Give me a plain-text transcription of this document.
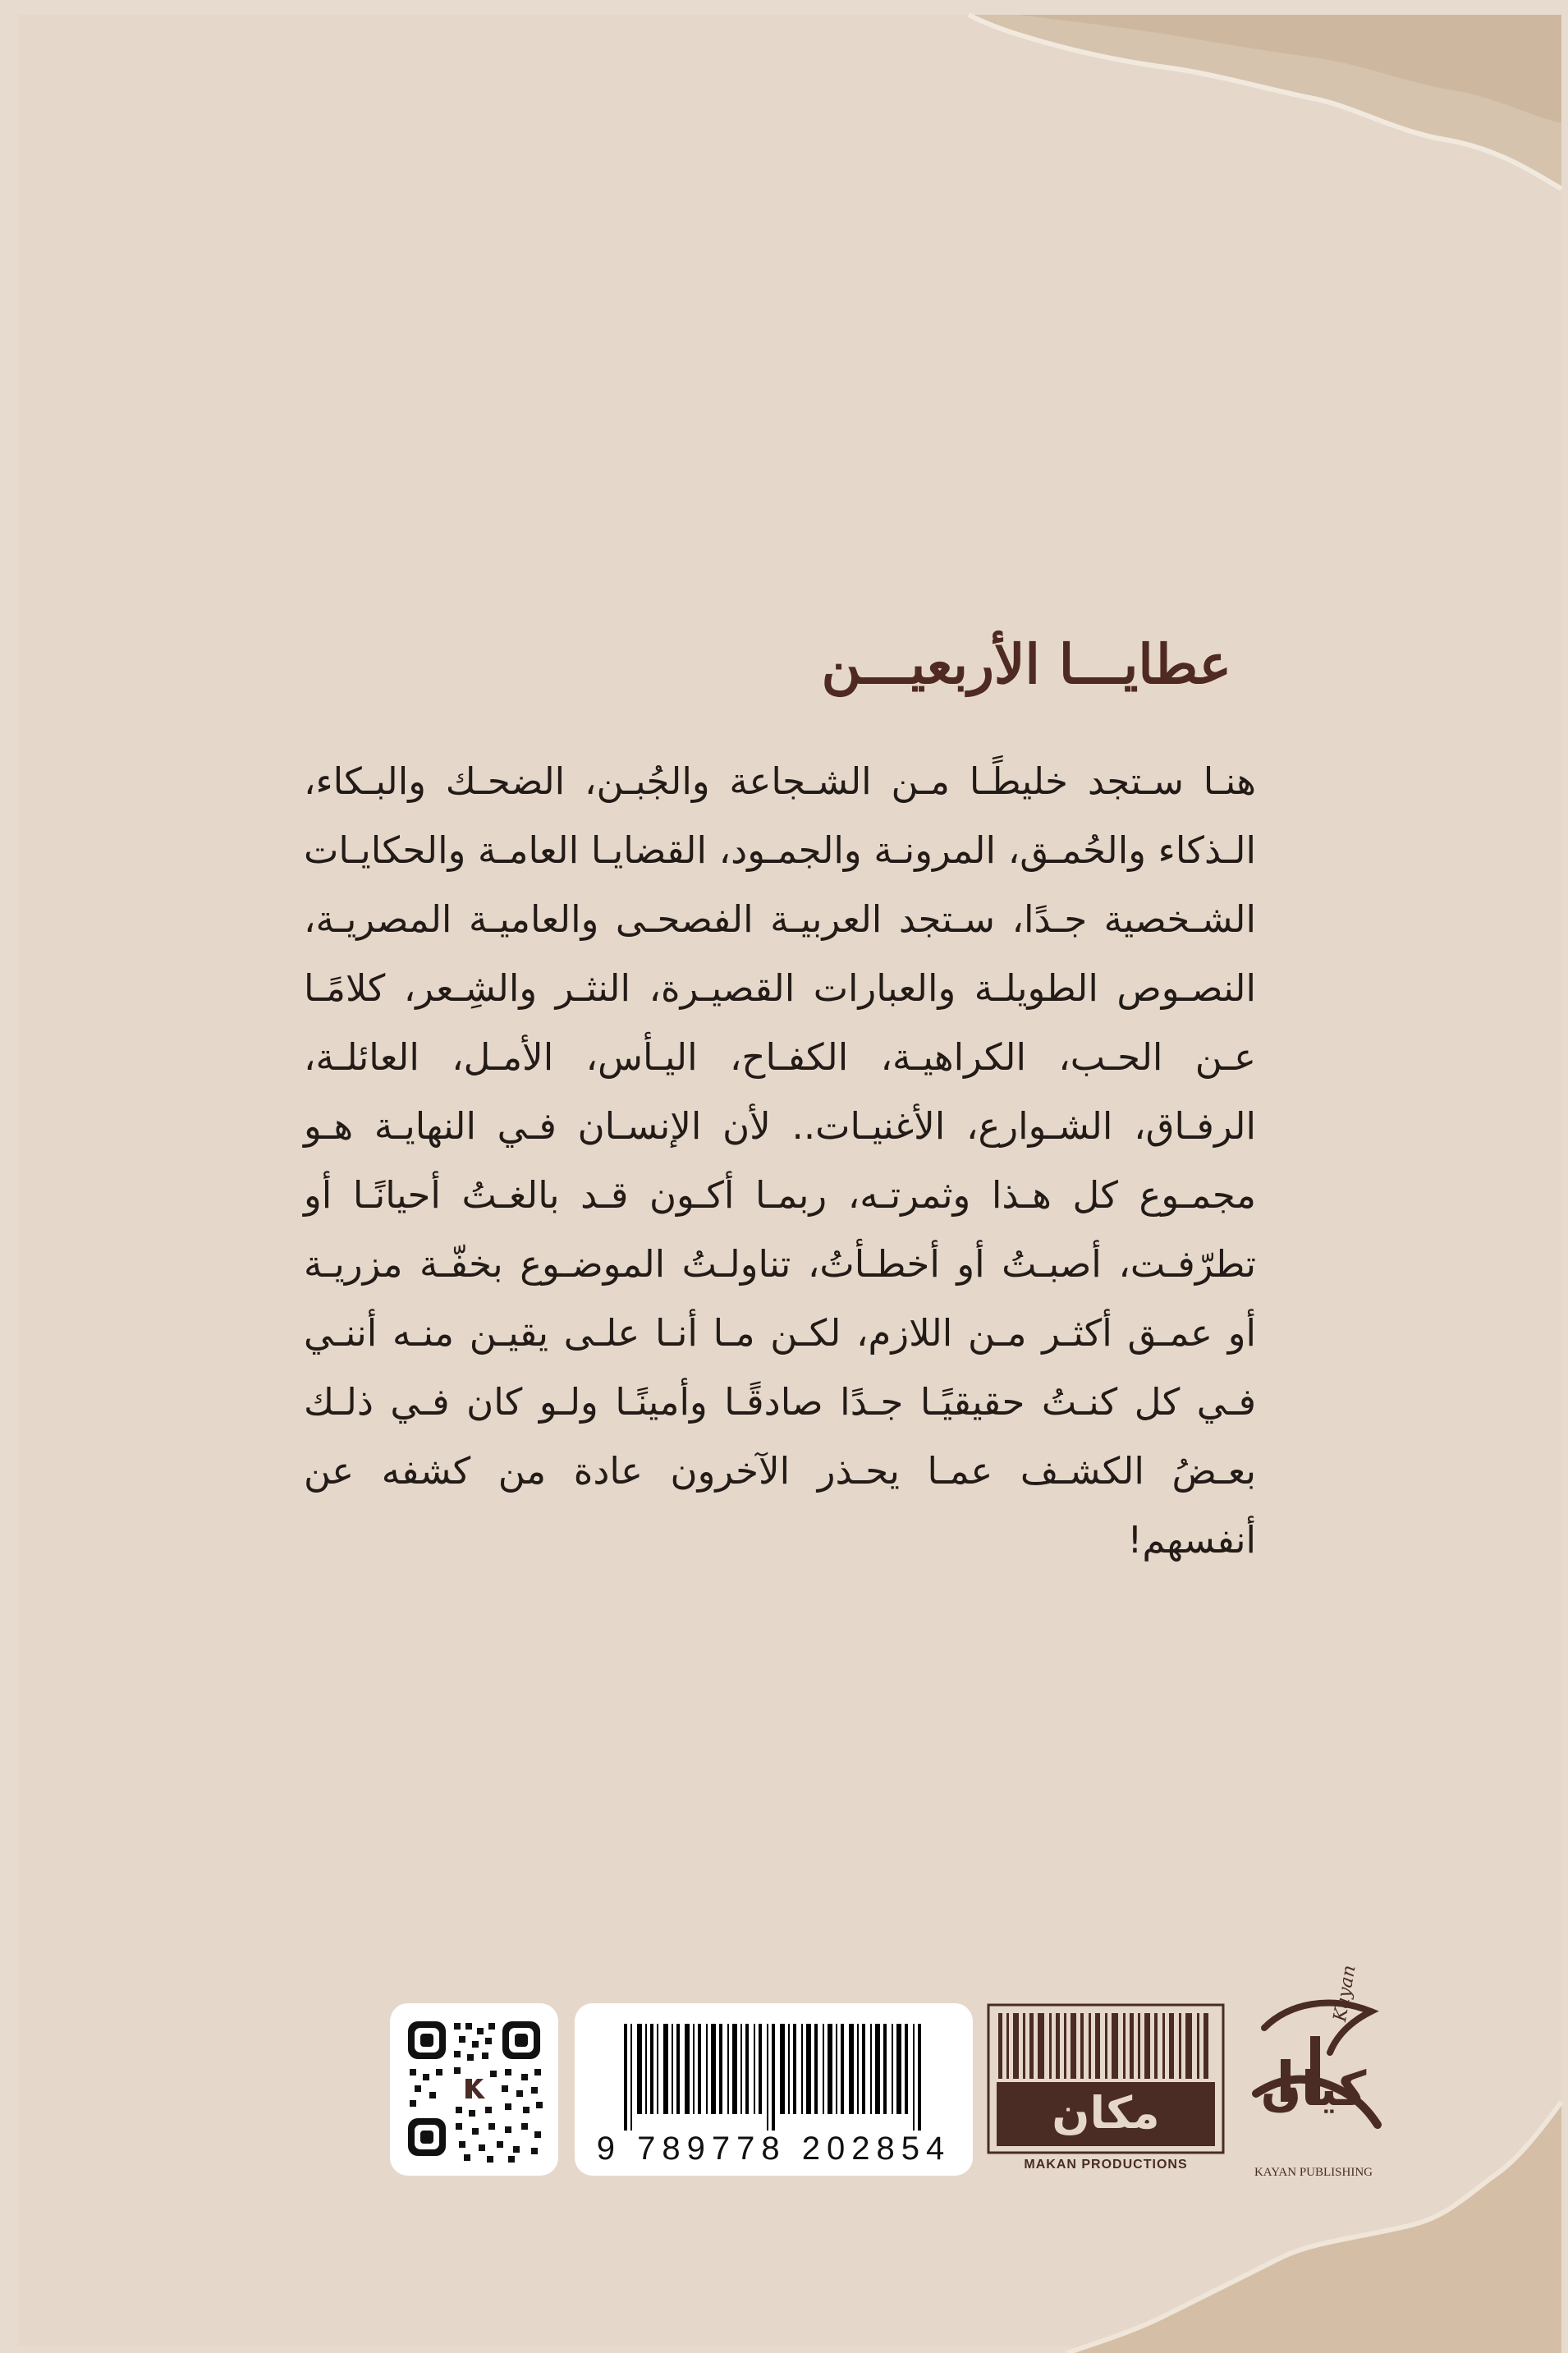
عطايـــا الأربعيـــن

هنـا سـتجد خليطًـا مـن الشـجاعة والجُبـن، الضحـك والبـكاء، الـذكاء والحُمـق، المرونـة والجمـود، القضايـا العامـة والحكايـات الشـخصية جـدًا، سـتجد العربيـة الفصحـى والعاميـة المصريـة، النصـوص الطويلـة والعبارات القصيـرة، النثـر والشِـعر، كلامًـا عـن الحـب، الكراهيـة، الكفـاح، اليـأس، الأمـل، العائلـة، الرفـاق، الشـوارع، الأغنيـات.. لأن الإنسـان فـي النهايـة هـو مجمـوع كل هـذا وثمرتـه، ربمـا أكـون قـد بالغـتُ أحيانًـا أو تطرّفـت، أصبـتُ أو أخطـأتُ، تناولـتُ الموضـوع بخفّـة مزريـة أو عمـق أكثـر مـن اللازم، لكـن مـا أنـا علـى يقيـن منـه أننـي فـي كل كنـتُ حقيقيًـا جـدًا صادقًـا وأمينًـا ولـو كان فـي ذلـك بعـضُ الكشـف عمـا يحـذر الآخرون عادة من كشفه عن أنفسهم!

9 789778 202854
مكان
MAKAN PRODUCTIONS
كيان
Kayan
KAYAN PUBLISHING
